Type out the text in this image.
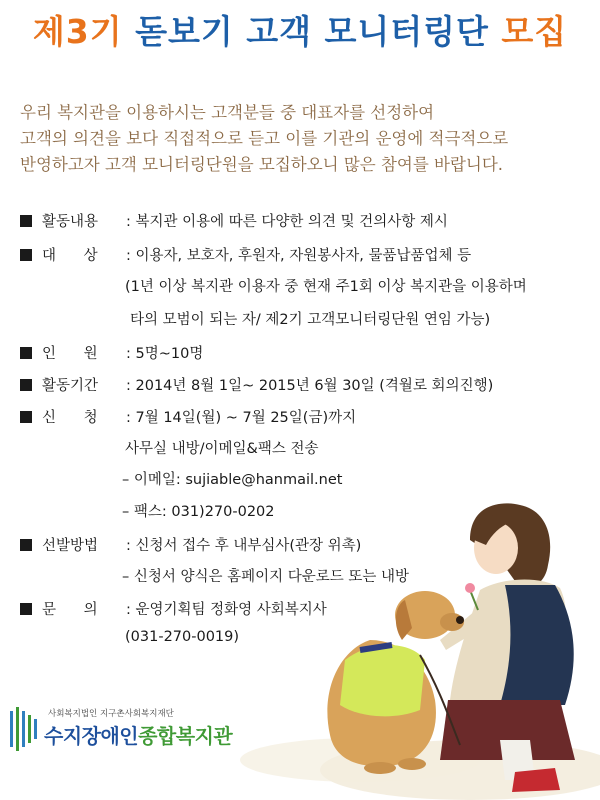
제3기 돋보기 고객 모니터링단 모집
우리 복지관을 이용하시는 고객분들 중 대표자를 선정하여
고객의 의견을 보다 직접적으로 듣고 이를 기관의 운영에 적극적으로
반영하고자 고객 모니터링단원을 모집하오니 많은 참여를 바랍니다.
활동내용 : 복지관 이용에 따른 다양한 의견 및 건의사항 제시
대      상 : 이용자, 보호자, 후원자, 자원봉사자, 물품납품업체 등
(1년 이상 복지관 이용자 중 현재 주1회 이상 복지관을 이용하며
타의 모범이 되는 자/ 제2기 고객모니터링단원 연임 가능)
인      원 : 5명~10명
활동기간 : 2014년 8월 1일~ 2015년 6월 30일 (격월로 회의진행)
신      청 : 7월 14일(월) ~ 7월 25일(금)까지
사무실 내방/이메일&팩스 전송
– 이메일: sujiable@hanmail.net
– 팩스: 031)270-0202
선발방법 : 신청서 접수 후 내부심사(관장 위촉)
– 신청서 양식은 홈페이지 다운로드 또는 내방
문      의 : 운영기획팀 정화영 사회복지사
(031-270-0019)
사회복지법인 지구촌사회복지재단
수지장애인종합복지관
